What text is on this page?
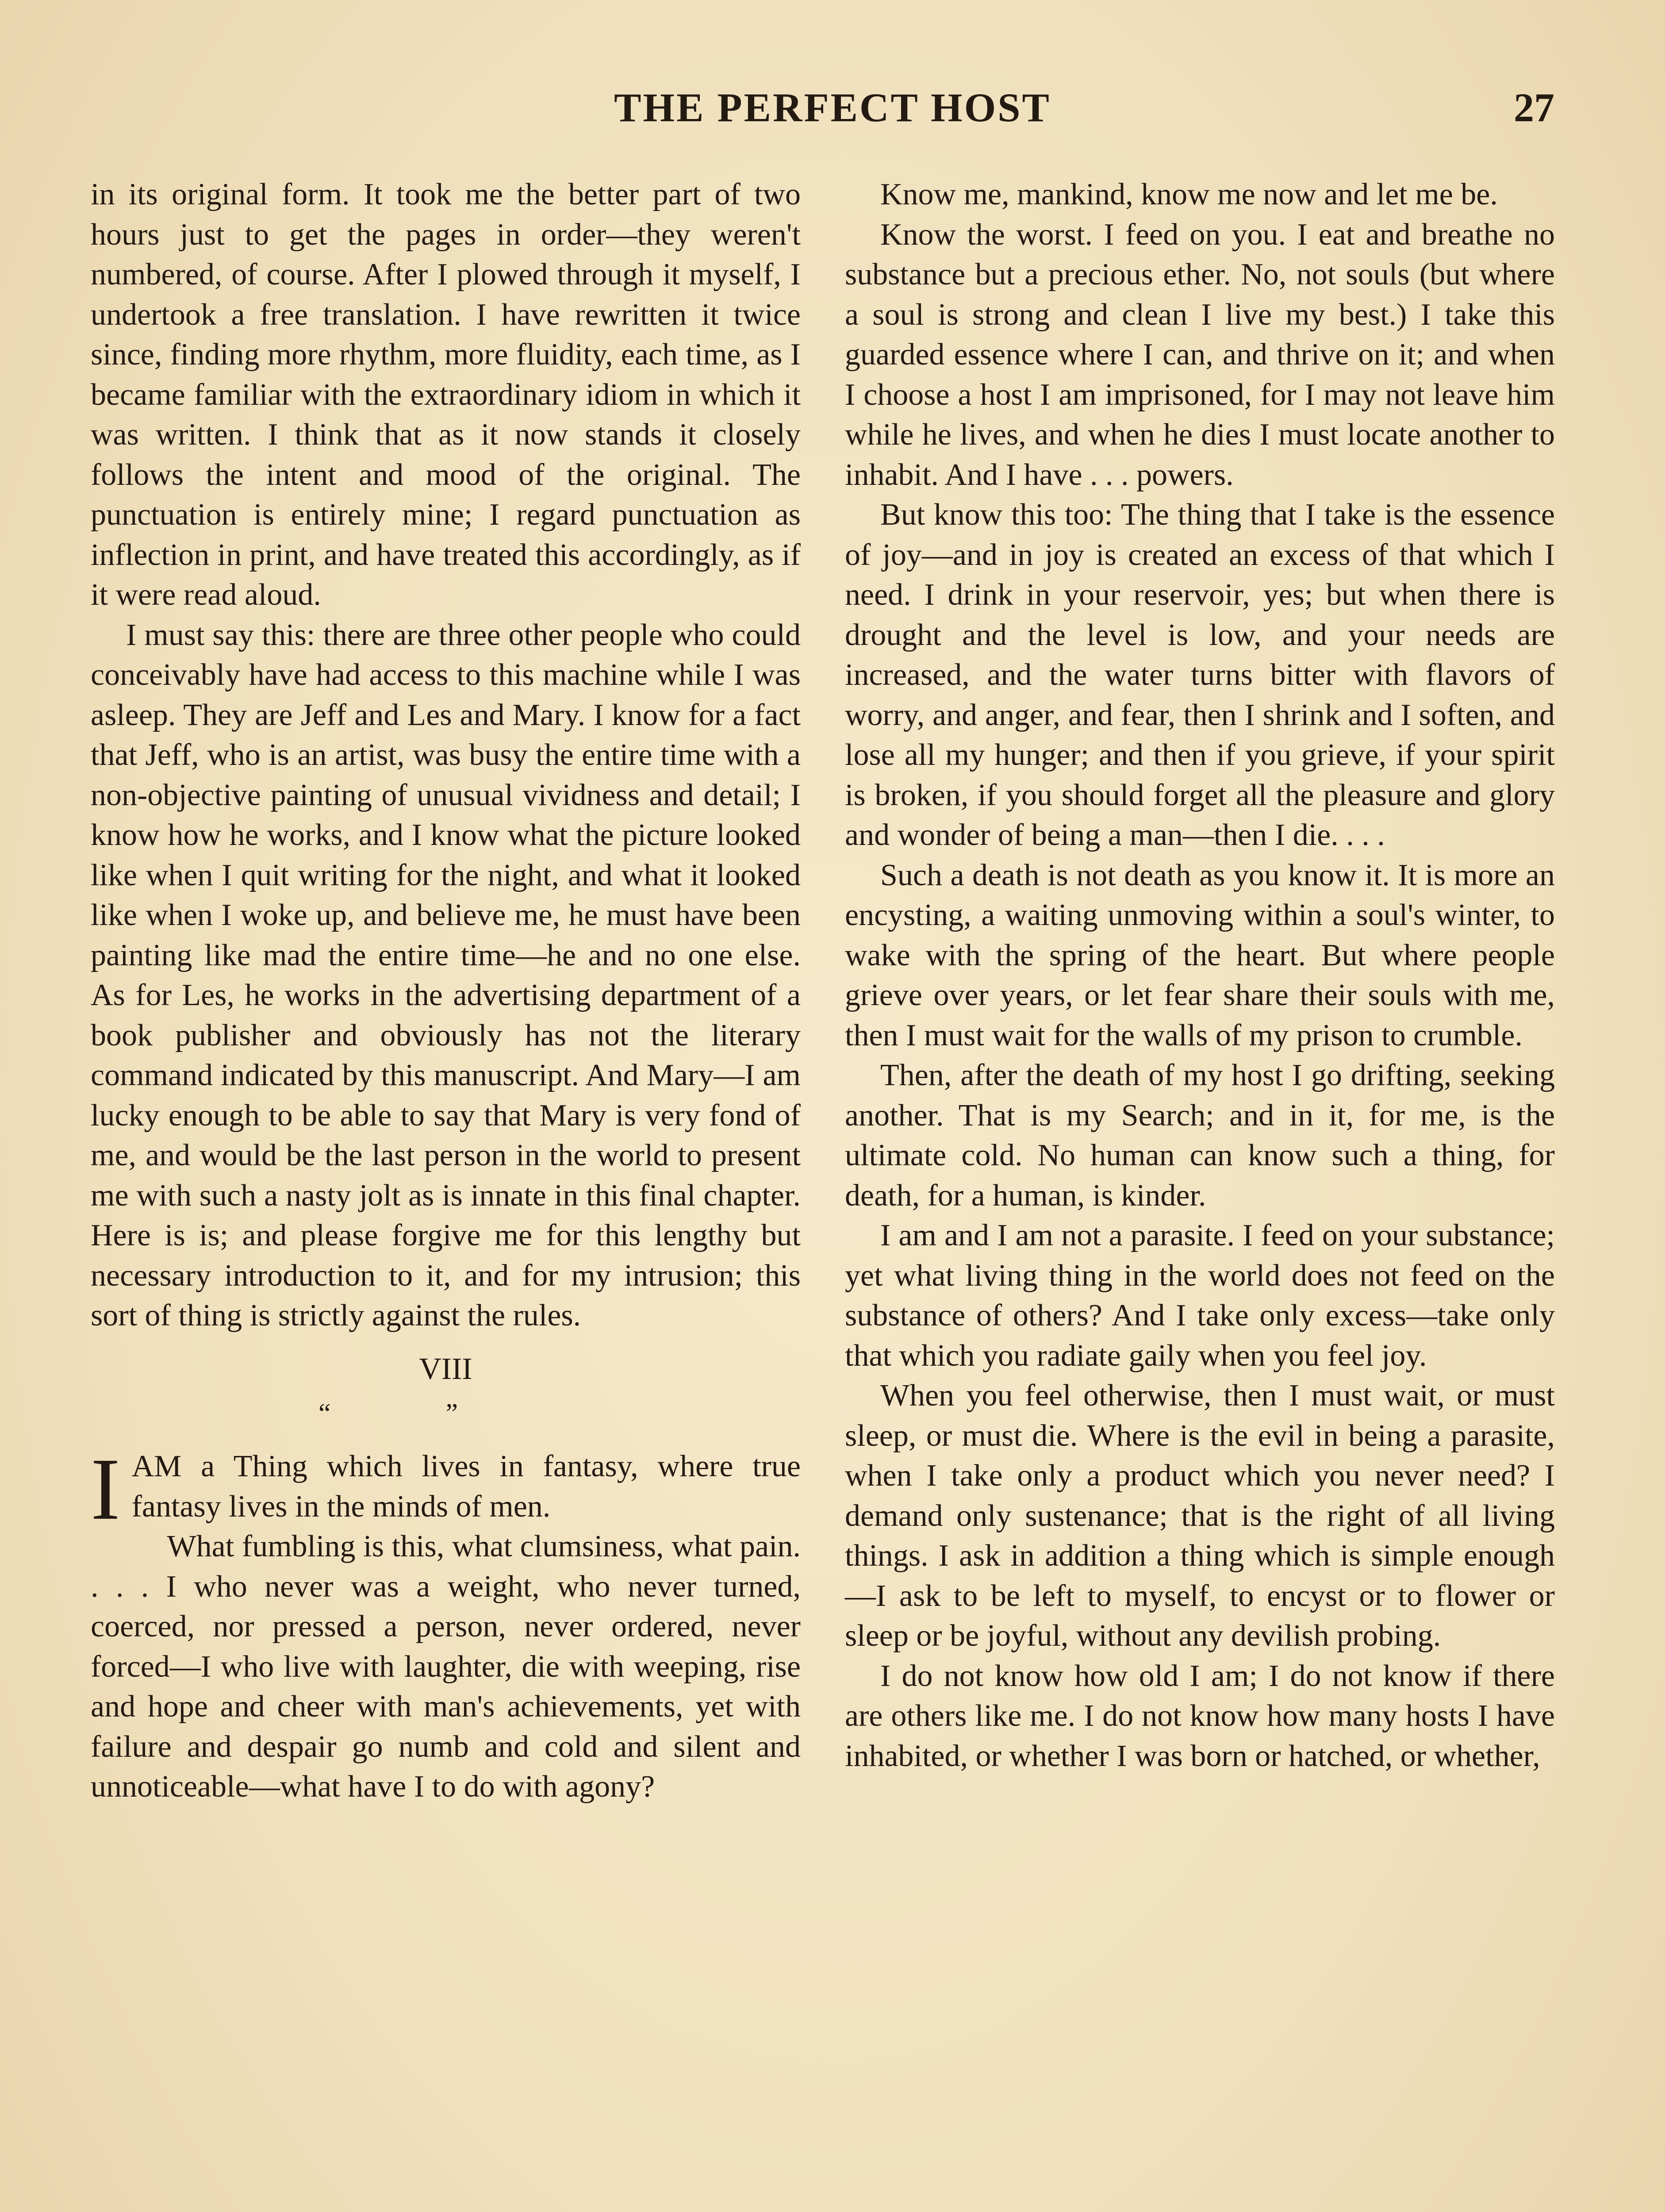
THE PERFECT HOST	27

in its original form. It took me the better part of two hours just to get the pages in order—they weren't numbered, of course. After I plowed through it myself, I undertook a free translation. I have rewritten it twice since, finding more rhythm, more fluidity, each time, as I became familiar with the extraordinary idiom in which it was written. I think that as it now stands it closely follows the intent and mood of the original. The punctuation is entirely mine; I regard punctuation as inflection in print, and have treated this accordingly, as if it were read aloud.

I must say this: there are three other people who could conceivably have had access to this machine while I was asleep. They are Jeff and Les and Mary. I know for a fact that Jeff, who is an artist, was busy the entire time with a non-objective painting of unusual vividness and detail; I know how he works, and I know what the picture looked like when I quit writing for the night, and what it looked like when I woke up, and believe me, he must have been painting like mad the entire time—he and no one else. As for Les, he works in the advertising department of a book publisher and obviously has not the literary command indicated by this manuscript. And Mary—I am lucky enough to be able to say that Mary is very fond of me, and would be the last person in the world to present me with such a nasty jolt as is innate in this final chapter. Here is is; and please forgive me for this lengthy but necessary introduction to it, and for my intrusion; this sort of thing is strictly against the rules.

VIII

“”

IAM a Thing which lives in fantasy, where true fantasy lives in the minds of men.

What fumbling is this, what clumsiness, what pain. . . . I who never was a weight, who never turned, coerced, nor pressed a person, never ordered, never forced—I who live with laughter, die with weeping, rise and hope and cheer with man's achievements, yet with failure and despair go numb and cold and silent and unnoticeable—what have I to do with agony?

Know me, mankind, know me now and let me be.

Know the worst. I feed on you. I eat and breathe no substance but a precious ether. No, not souls (but where a soul is strong and clean I live my best.) I take this guarded essence where I can, and thrive on it; and when I choose a host I am imprisoned, for I may not leave him while he lives, and when he dies I must locate another to inhabit. And I have . . . powers.

But know this too: The thing that I take is the essence of joy—and in joy is created an excess of that which I need. I drink in your reservoir, yes; but when there is drought and the level is low, and your needs are increased, and the water turns bitter with flavors of worry, and anger, and fear, then I shrink and I soften, and lose all my hunger; and then if you grieve, if your spirit is broken, if you should forget all the pleasure and glory and wonder of being a man—then I die. . . .

Such a death is not death as you know it. It is more an encysting, a waiting unmoving within a soul's winter, to wake with the spring of the heart. But where people grieve over years, or let fear share their souls with me, then I must wait for the walls of my prison to crumble.

Then, after the death of my host I go drifting, seeking another. That is my Search; and in it, for me, is the ultimate cold. No human can know such a thing, for death, for a human, is kinder.

I am and I am not a parasite. I feed on your substance; yet what living thing in the world does not feed on the substance of others? And I take only excess—take only that which you radiate gaily when you feel joy.

When you feel otherwise, then I must wait, or must sleep, or must die. Where is the evil in being a parasite, when I take only a product which you never need? I demand only sustenance; that is the right of all living things. I ask in addition a thing which is simple enough—I ask to be left to myself, to encyst or to flower or sleep or be joyful, without any devilish probing.

I do not know how old I am; I do not know if there are others like me. I do not know how many hosts I have inhabited, or whether I was born or hatched, or whether,
